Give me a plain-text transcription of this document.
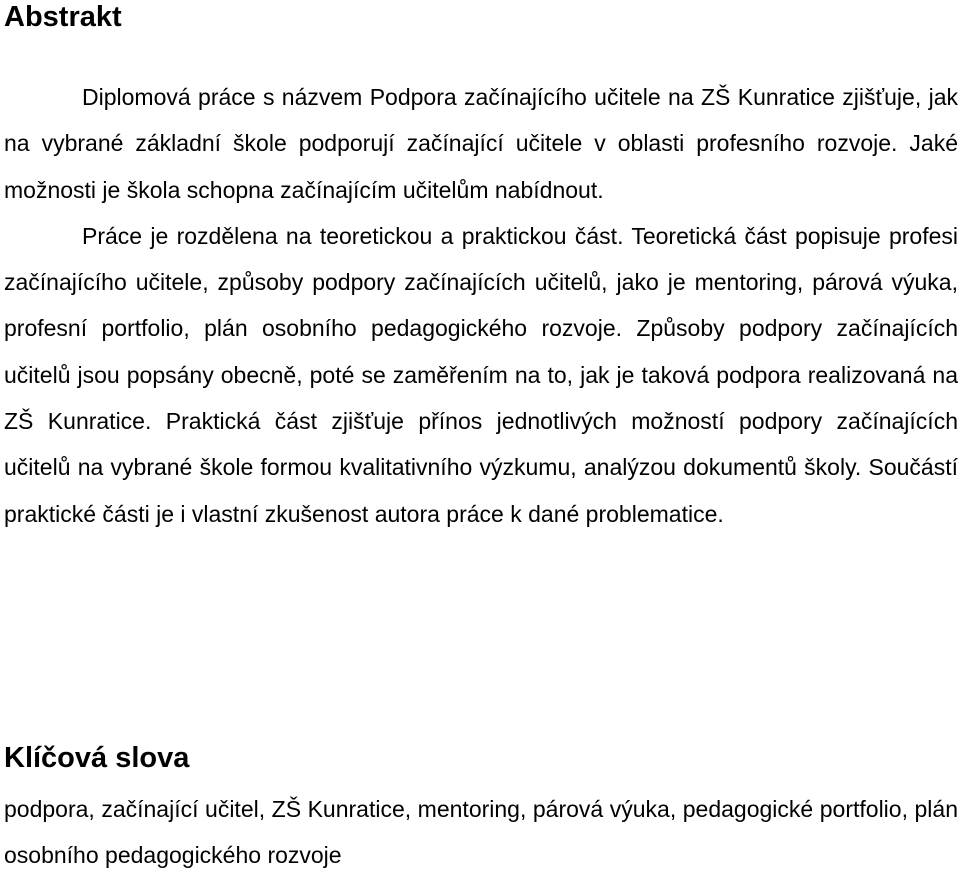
Abstrakt

Diplomová práce s názvem Podpora začínajícího učitele na ZŠ Kunratice zjišťuje, jak na vybrané základní škole podporují začínající učitele v oblasti profesního rozvoje. Jaké možnosti je škola schopna začínajícím učitelům nabídnout.

Práce je rozdělena na teoretickou a praktickou část. Teoretická část popisuje profesi začínajícího učitele, způsoby podpory začínajících učitelů, jako je mentoring, párová výuka, profesní portfolio, plán osobního pedagogického rozvoje. Způsoby podpory začínajících učitelů jsou popsány obecně, poté se zaměřením na to, jak je taková podpora realizovaná na ZŠ Kunratice. Praktická část zjišťuje přínos jednotlivých možností podpory začínajících učitelů na vybrané škole formou kvalitativního výzkumu, analýzou dokumentů školy. Součástí praktické části je i vlastní zkušenost autora práce k dané problematice.

Klíčová slova

podpora, začínající učitel, ZŠ Kunratice, mentoring, párová výuka, pedagogické portfolio, plán osobního pedagogického rozvoje
